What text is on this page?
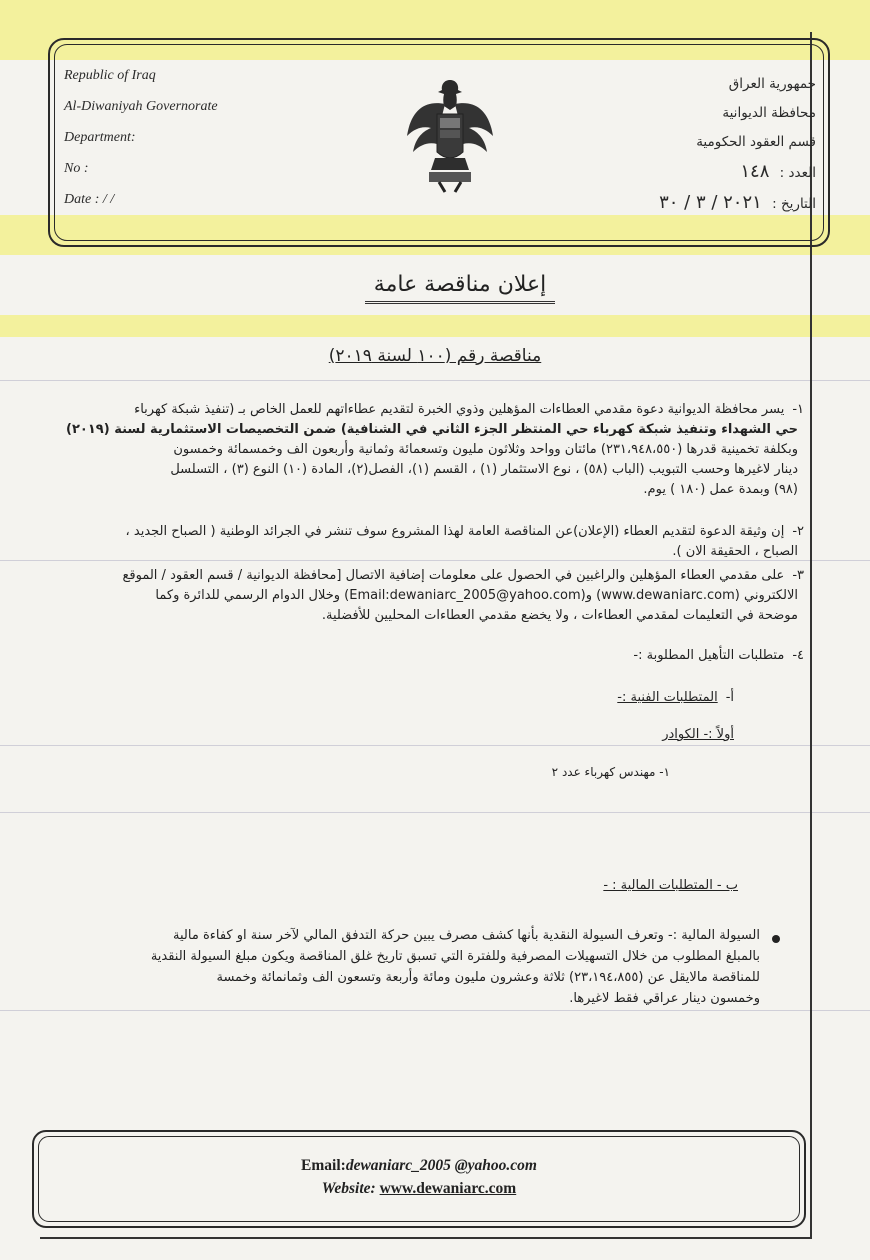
Republic of Iraq
Al-Diwaniyah Governorate
Department:
No :
Date : / /
جمهورية العراق
محافظة الديوانية
قسم العقود الحكومية
العدد : ١٤٨
التاريخ : ٢٠٢١ / ٣ / ٣٠
إعلان مناقصة عامة
مناقصة رقم (١٠٠ لسنة ٢٠١٩)
١-يسر محافظة الديوانية دعوة مقدمي العطاءات المؤهلين وذوي الخبرة لتقديم عطاءاتهم للعمل الخاص بـ (تنفيذ شبكة كهرباء
حي الشهداء وتنفيذ شبكة كهرباء حي المنتظر الجزء الثاني في الشنافية) ضمن التخصيصات الاستثمارية لسنة (٢٠١٩)
وبكلفة تخمينية قدرها (٢٣١،٩٤٨،٥٥٠) مائتان وواحد وثلاثون مليون وتسعمائة وثمانية وأربعون الف وخمسمائة وخمسون
دينار لاغيرها وحسب التبويب (الباب (٥٨) ، نوع الاستثمار (١) ، القسم (١)، الفصل(٢)، المادة (١٠) النوع (٣) ، التسلسل
(٩٨) وبمدة عمل (١٨٠ ) يوم.
٢-إن وثيقة الدعوة لتقديم العطاء (الإعلان)عن المناقصة العامة لهذا المشروع سوف تنشر في الجرائد الوطنية ( الصباح الجديد ،
الصباح ، الحقيقة الان ).
٣-على مقدمي العطاء المؤهلين والراغبين في الحصول على معلومات إضافية الاتصال [محافظة الديوانية / قسم العقود / الموقع
الالكتروني (www.dewaniarc.com) و(Email:dewaniarc_2005@yahoo.com) وخلال الدوام الرسمي للدائرة وكما
موضحة في التعليمات لمقدمي العطاءات ، ولا يخضع مقدمي العطاءات المحليين للأفضلية.
٤-متطلبات التأهيل المطلوبة :-
أ-المتطلبات الفنية :-
أولاً :- الكوادر
١- مهندس كهرباء عدد ٢
ب - المتطلبات المالية : -
السيولة المالية :- وتعرف السيولة النقدية بأنها كشف مصرف يبين حركة التدفق المالي لآخر سنة او كفاءة مالية
بالمبلغ المطلوب من خلال التسهيلات المصرفية وللفترة التي تسبق تاريخ غلق المناقصة ويكون مبلغ السيولة النقدية
للمناقصة مالايقل عن (٢٣،١٩٤،٨٥٥) ثلاثة وعشرون مليون ومائة وأربعة وتسعون الف وثمانمائة وخمسة
وخمسون دينار عراقي فقط لاغيرها.
Email:dewaniarc_2005 @yahoo.com
Website: www.dewaniarc.com
